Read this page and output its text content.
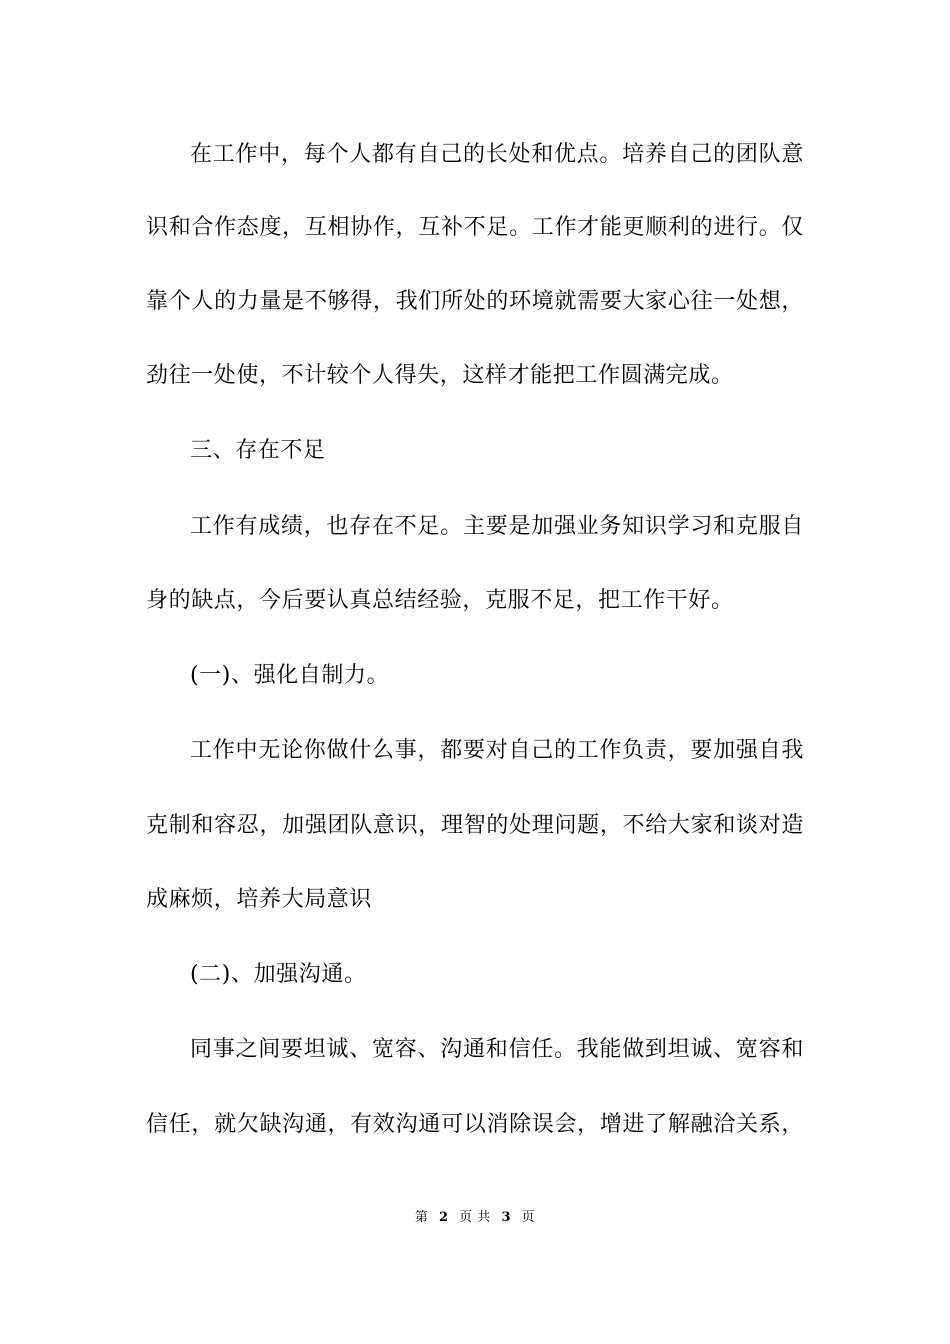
在工作中，每个人都有自己的长处和优点。培养自己的团队意
识和合作态度，互相协作，互补不足。工作才能更顺利的进行。仅
靠个人的力量是不够得，我们所处的环境就需要大家心往一处想，
劲往一处使，不计较个人得失，这样才能把工作圆满完成。
三、存在不足
工作有成绩，也存在不足。主要是加强业务知识学习和克服自
身的缺点，今后要认真总结经验，克服不足，把工作干好。
(一)、强化自制力。
工作中无论你做什么事，都要对自己的工作负责，要加强自我
克制和容忍，加强团队意识，理智的处理问题，不给大家和谈对造
成麻烦，培养大局意识
(二)、加强沟通。
同事之间要坦诚、宽容、沟通和信任。我能做到坦诚、宽容和
信任，就欠缺沟通，有效沟通可以消除误会，增进了解融洽关系，
第 2 页 共 3 页
